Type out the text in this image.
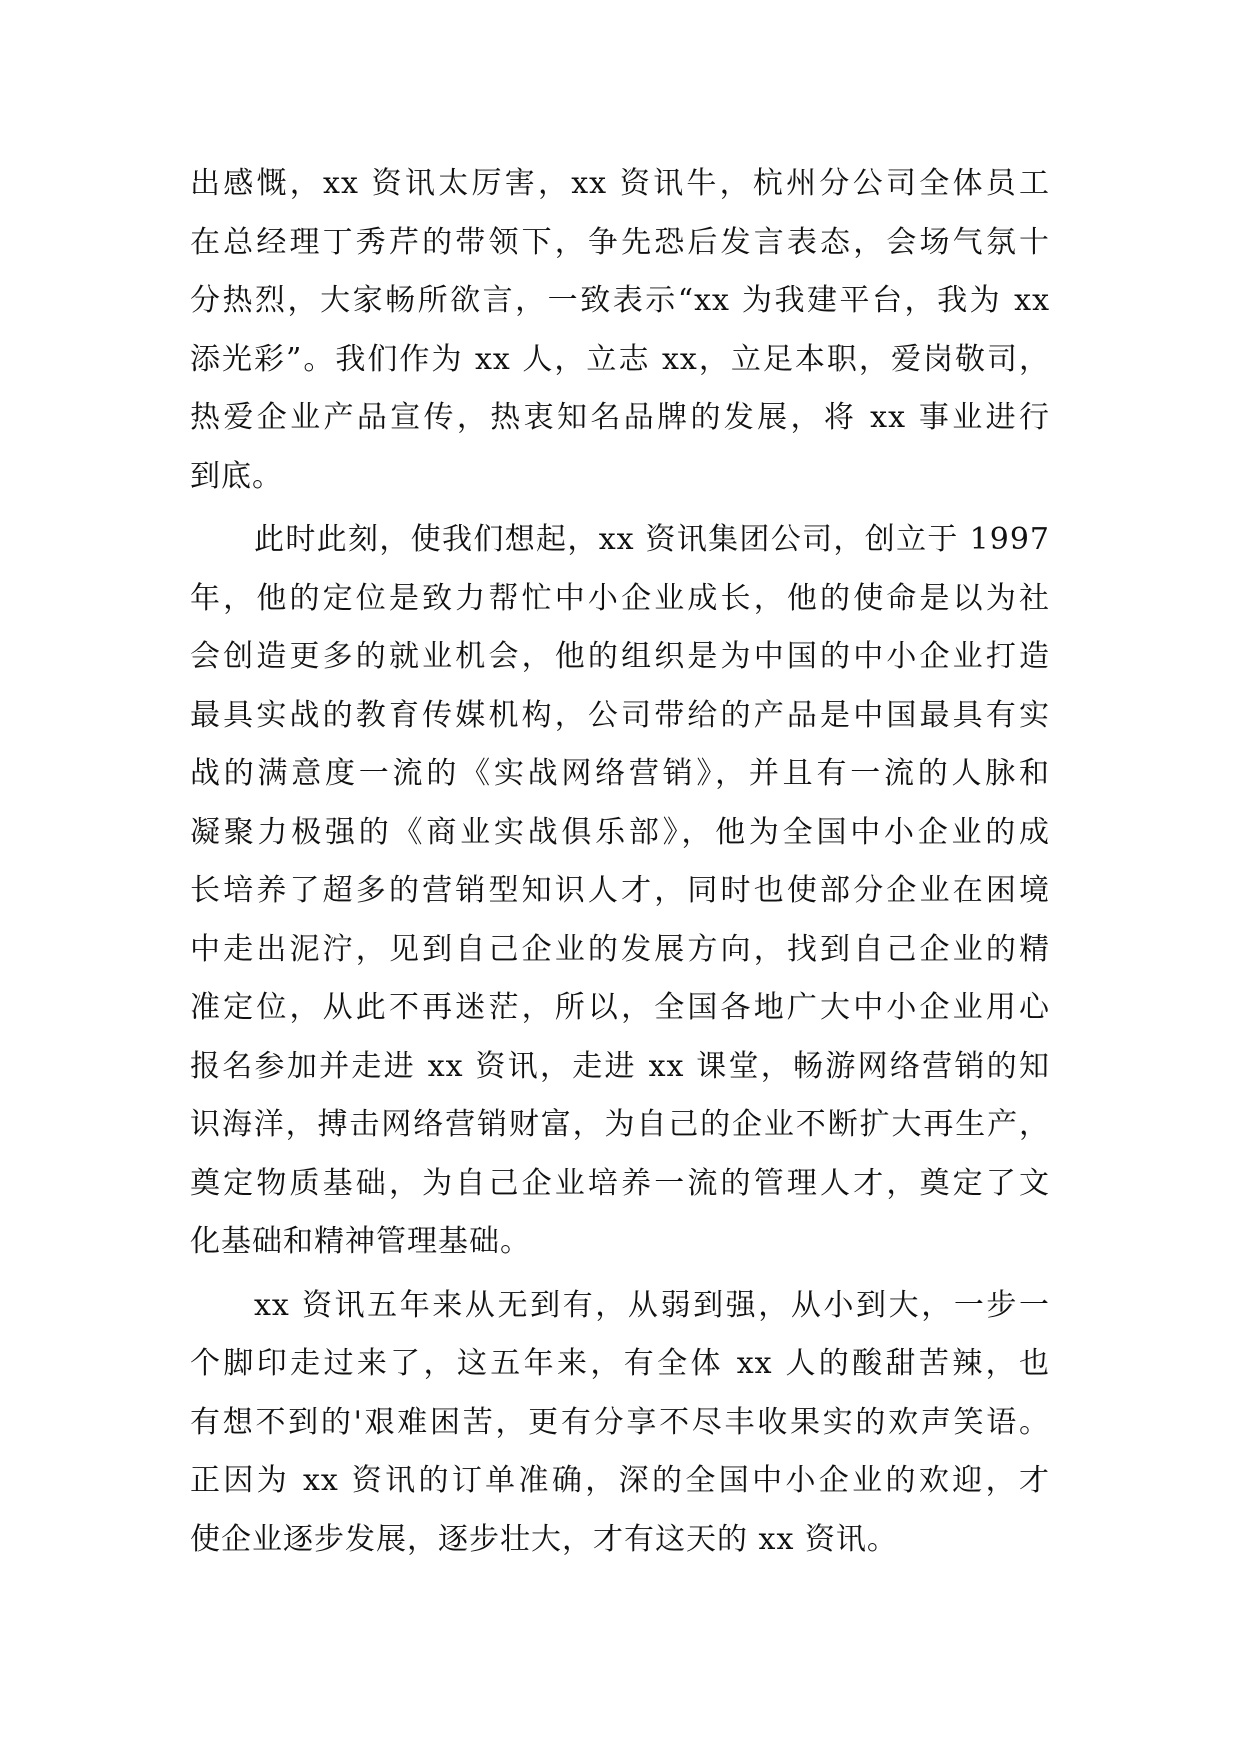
出感慨，xx 资讯太厉害，xx 资讯牛，杭州分公司全体员工
在总经理丁秀芹的带领下，争先恐后发言表态，会场气氛十
分热烈，大家畅所欲言，一致表示“xx 为我建平台，我为 xx
添光彩”。我们作为 xx 人，立志 xx，立足本职，爱岗敬司，
热爱企业产品宣传，热衷知名品牌的发展，将 xx 事业进行
到底。
此时此刻，使我们想起，xx 资讯集团公司，创立于 1997
年，他的定位是致力帮忙中小企业成长，他的使命是以为社
会创造更多的就业机会，他的组织是为中国的中小企业打造
最具实战的教育传媒机构，公司带给的产品是中国最具有实
战的满意度一流的《实战网络营销》，并且有一流的人脉和
凝聚力极强的《商业实战俱乐部》，他为全国中小企业的成
长培养了超多的营销型知识人才，同时也使部分企业在困境
中走出泥泞，见到自己企业的发展方向，找到自己企业的精
准定位，从此不再迷茫，所以，全国各地广大中小企业用心
报名参加并走进 xx 资讯，走进 xx 课堂，畅游网络营销的知
识海洋，搏击网络营销财富，为自己的企业不断扩大再生产，
奠定物质基础，为自己企业培养一流的管理人才，奠定了文
化基础和精神管理基础。
xx 资讯五年来从无到有，从弱到强，从小到大，一步一
个脚印走过来了，这五年来，有全体 xx 人的酸甜苦辣，也
有想不到的'艰难困苦，更有分享不尽丰收果实的欢声笑语。
正因为 xx 资讯的订单准确，深的全国中小企业的欢迎，才
使企业逐步发展，逐步壮大，才有这天的 xx 资讯。
